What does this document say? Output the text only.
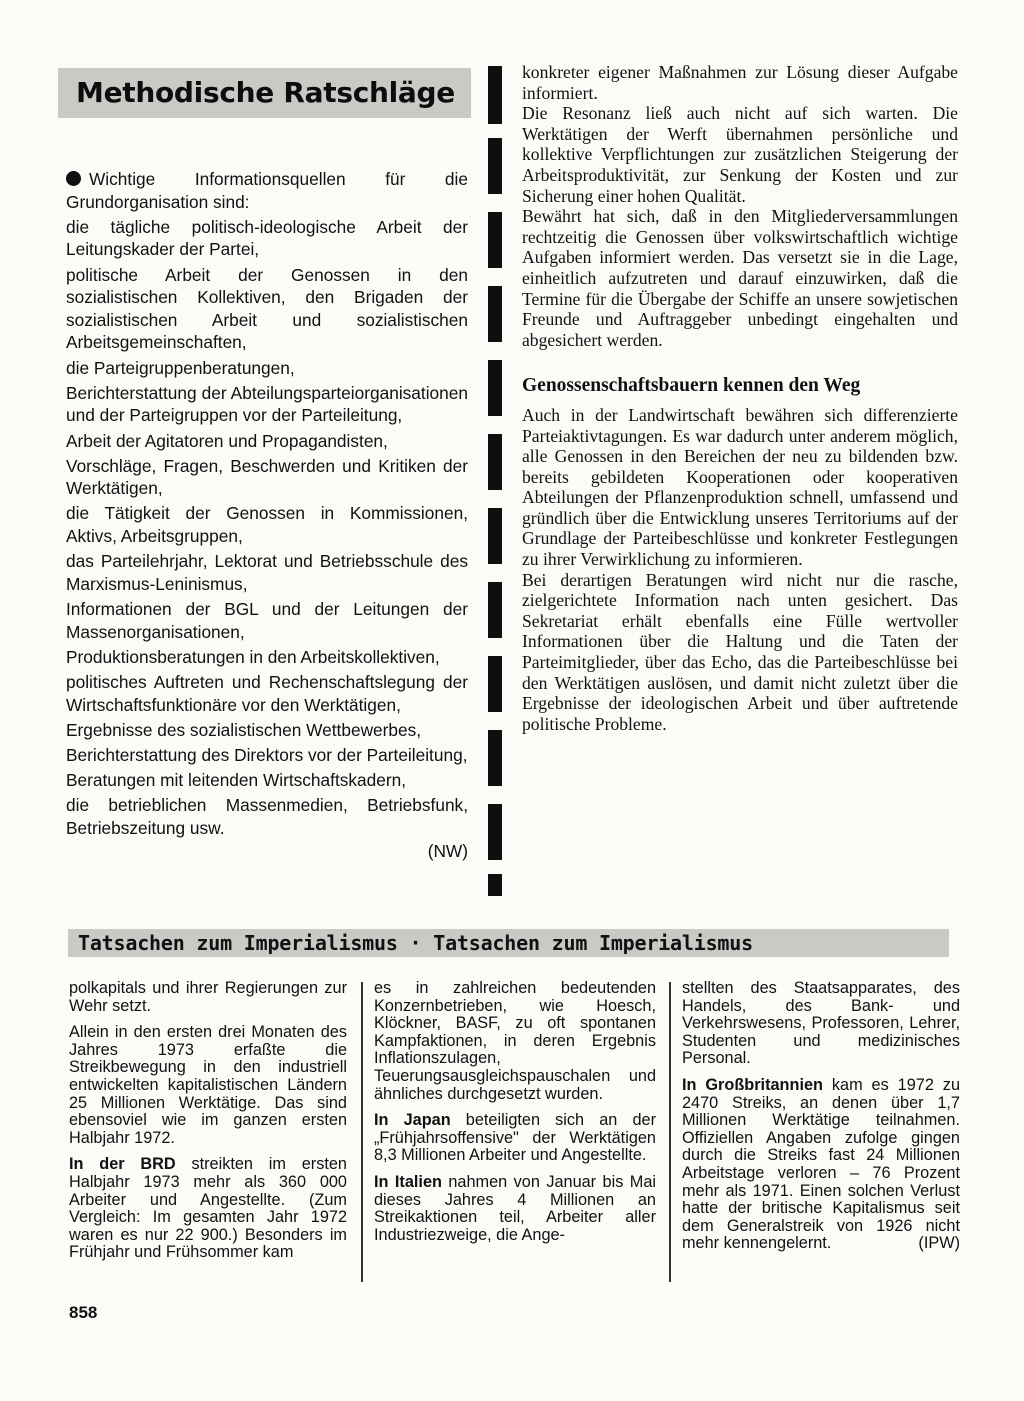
Methodische Ratschläge

Wichtige Informationsquellen für die Grundorganisation sind:

die tägliche politisch-ideologische Arbeit der Leitungskader der Partei,

politische Arbeit der Genossen in den sozialistischen Kollektiven, den Brigaden der sozialistischen Arbeit und sozialistischen Arbeitsgemeinschaften,

die Parteigruppenberatungen,

Berichterstattung der Abteilungsparteiorganisationen und der Parteigruppen vor der Parteileitung,

Arbeit der Agitatoren und Propagandisten,

Vorschläge, Fragen, Beschwerden und Kritiken der Werktätigen,

die Tätigkeit der Genossen in Kommissionen, Aktivs, Arbeitsgruppen,

das Parteilehrjahr, Lektorat und Betriebsschule des Marxismus-Leninismus,

Informationen der BGL und der Leitungen der Massenorganisationen,

Produktionsberatungen in den Arbeitskollektiven,

politisches Auftreten und Rechenschaftslegung der Wirtschaftsfunktionäre vor den Werktätigen,

Ergebnisse des sozialistischen Wettbewerbes,

Berichterstattung des Direktors vor der Parteileitung,

Beratungen mit leitenden Wirtschaftskadern,

die betrieblichen Massenmedien, Betriebsfunk, Betriebszeitung usw.

(NW)

konkreter eigener Maßnahmen zur Lösung dieser Aufgabe informiert.

Die Resonanz ließ auch nicht auf sich warten. Die Werktätigen der Werft übernahmen persönliche und kollektive Verpflichtungen zur zusätzlichen Steigerung der Arbeitsproduktivität, zur Senkung der Kosten und zur Sicherung einer hohen Qualität.

Bewährt hat sich, daß in den Mitgliederversammlungen rechtzeitig die Genossen über volkswirtschaftlich wichtige Aufgaben informiert werden. Das versetzt sie in die Lage, einheitlich aufzutreten und darauf einzuwirken, daß die Termine für die Übergabe der Schiffe an unsere sowjetischen Freunde und Auftraggeber unbedingt eingehalten und abgesichert werden.

Genossenschaftsbauern kennen den Weg

Auch in der Landwirtschaft bewähren sich differenzierte Parteiaktivtagungen. Es war dadurch unter anderem möglich, alle Genossen in den Bereichen der neu zu bildenden bzw. bereits gebildeten Kooperationen oder kooperativen Abteilungen der Pflanzenproduktion schnell, umfassend und gründlich über die Entwicklung unseres Territoriums auf der Grundlage der Parteibeschlüsse und konkreter Festlegungen zu ihrer Verwirklichung zu informieren.

Bei derartigen Beratungen wird nicht nur die rasche, zielgerichtete Information nach unten gesichert. Das Sekretariat erhält ebenfalls eine Fülle wertvoller Informationen über die Haltung und die Taten der Parteimitglieder, über das Echo, das die Parteibeschlüsse bei den Werktätigen auslösen, und damit nicht zuletzt über die Ergebnisse der ideologischen Arbeit und über auftretende politische Probleme.

Tatsachen zum Imperialismus · Tatsachen zum Imperialismus

polkapitals und ihrer Regierungen zur Wehr setzt.

Allein in den ersten drei Monaten des Jahres 1973 erfaßte die Streikbewegung in den industriell entwickelten kapitalistischen Ländern 25 Millionen Werktätige. Das sind ebensoviel wie im ganzen ersten Halbjahr 1972.

In der BRD streikten im ersten Halbjahr 1973 mehr als 360 000 Arbeiter und Angestellte. (Zum Vergleich: Im gesamten Jahr 1972 waren es nur 22 900.) Besonders im Frühjahr und Frühsommer kam

es in zahlreichen bedeutenden Konzernbetrieben, wie Hoesch, Klöckner, BASF, zu oft spontanen Kampfaktionen, in deren Ergebnis Inflationszulagen, Teuerungsausgleichspauschalen und ähnliches durchgesetzt wurden.

In Japan beteiligten sich an der „Frühjahrsoffensive" der Werktätigen 8,3 Millionen Arbeiter und Angestellte.

In Italien nahmen von Januar bis Mai dieses Jahres 4 Millionen an Streikaktionen teil, Arbeiter aller Industriezweige, die Ange-

stellten des Staatsapparates, des Handels, des Bank- und Verkehrswesens, Professoren, Lehrer, Studenten und medizinisches Personal.

In Großbritannien kam es 1972 zu 2470 Streiks, an denen über 1,7 Millionen Werktätige teilnahmen. Offiziellen Angaben zufolge gingen durch die Streiks fast 24 Millionen Arbeitstage verloren – 76 Prozent mehr als 1971. Einen solchen Verlust hatte der britische Kapitalismus seit dem Generalstreik von 1926 nicht mehr kennengelernt.	(IPW)

858
